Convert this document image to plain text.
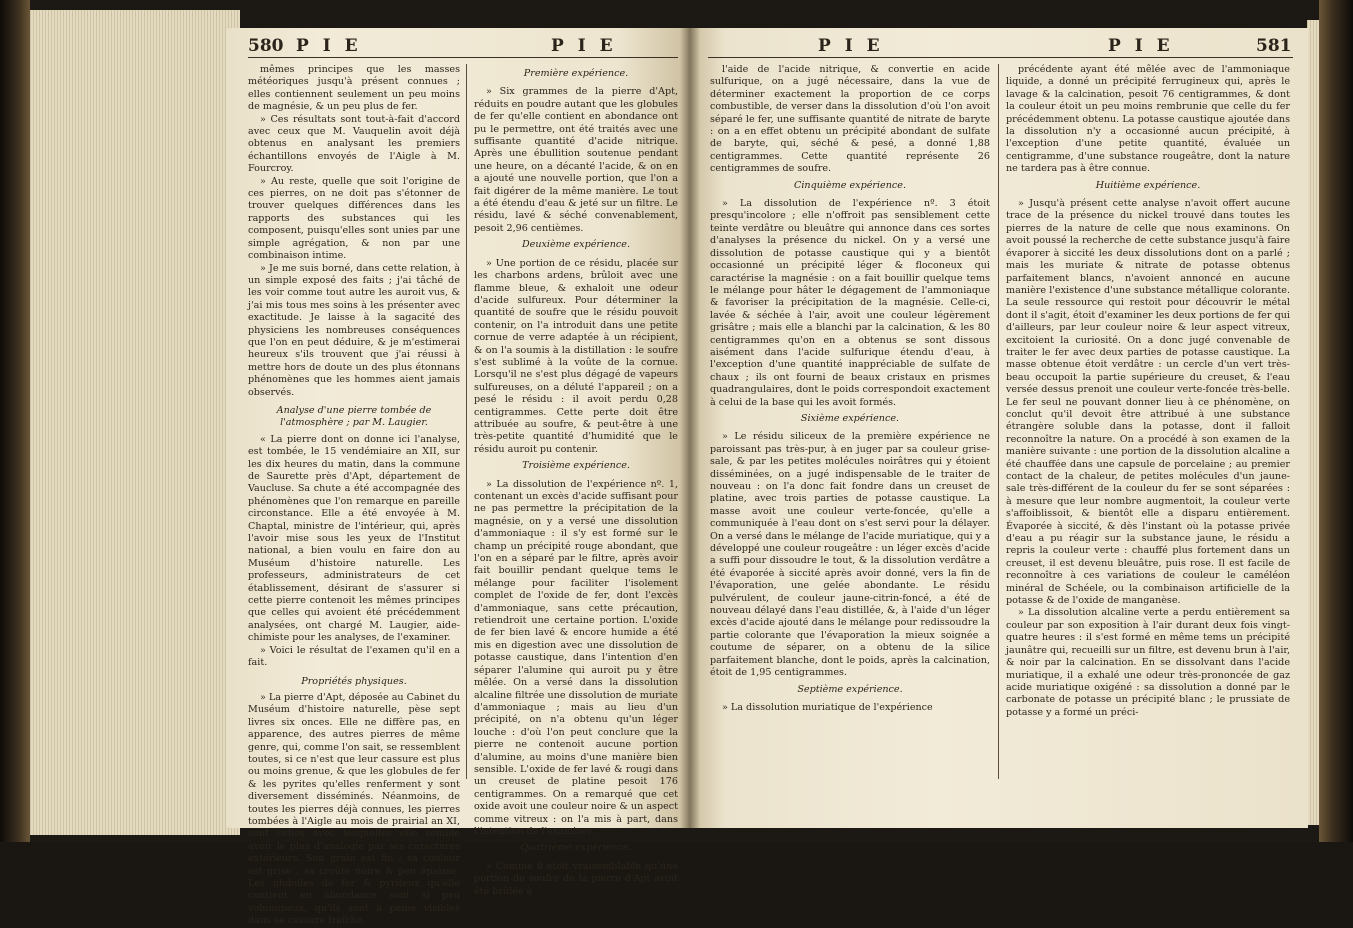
580 P I E	P I E

mêmes principes que les masses météoriques jusqu'à présent connues ; elles contiennent seulement un peu moins de magnésie, & un peu plus de fer.

» Ces résultats sont tout-à-fait d'accord avec ceux que M. Vauquelin avoit déjà obtenus en analysant les premiers échantillons envoyés de l'Aigle à M. Fourcroy.

» Au reste, quelle que soit l'origine de ces pierres, on ne doit pas s'étonner de trouver quelques différences dans les rapports des substances qui les composent, puisqu'elles sont unies par une simple agrégation, & non par une combinaison intime.

» Je me suis borné, dans cette relation, à un simple exposé des faits ; j'ai tâché de les voir comme tout autre les auroit vus, & j'ai mis tous mes soins à les présenter avec exactitude. Je laisse à la sagacité des physiciens les nombreuses conséquences que l'on en peut déduire, & je m'estimerai heureux s'ils trouvent que j'ai réussi à mettre hors de doute un des plus étonnans phénomènes que les hommes aient jamais observés.

Analyse d'une pierre tombée de l'atmosphère ; par M. Laugier.

« La pierre dont on donne ici l'analyse, est tombée, le 15 vendémiaire an XII, sur les dix heures du matin, dans la commune de Saurette près d'Apt, département de Vaucluse. Sa chute a été accompagnée des phénomènes que l'on remarque en pareille circonstance. Elle a été envoyée à M. Chaptal, ministre de l'intérieur, qui, après l'avoir mise sous les yeux de l'Institut national, a bien voulu en faire don au Muséum d'histoire naturelle. Les professeurs, administrateurs de cet établissement, désirant de s'assurer si cette pierre contenoit les mêmes principes que celles qui avoient été précédemment analysées, ont chargé M. Laugier, aide-chimiste pour les analyses, de l'examiner.

» Voici le résultat de l'examen qu'il en a fait.

Propriétés physiques.

» La pierre d'Apt, déposée au Cabinet du Muséum d'histoire naturelle, pèse sept livres six onces. Elle ne diffère pas, en apparence, des autres pierres de même genre, qui, comme l'on sait, se ressemblent toutes, si ce n'est que leur cassure est plus ou moins grenue, & que les globules de fer & les pyrites qu'elles renferment y sont diversement disséminés. Néanmoins, de toutes les pierres déjà connues, les pierres tombées à l'Aigle au mois de prairial an XI, sont celles avec lesquelles elle semble avoir le plus d'analogie par ses caractères extérieurs. Son grain est fin ; sa couleur est grise ; sa croûte noire & peu épaisse. Les globules de fer & pyriteux qu'elle contient en abondance sont si peu volumineux, qu'ils sont à peine visibles dans sa cassure fraîche.

Première expérience.

» Six grammes de la pierre d'Apt, réduits en poudre autant que les globules de fer qu'elle contient en abondance ont pu le permettre, ont été traités avec une suffisante quantité d'acide nitrique. Après une ébullition soutenue pendant une heure, on a décanté l'acide, & on en a ajouté une nouvelle portion, que l'on a fait digérer de la même manière. Le tout a été étendu d'eau & jeté sur un filtre. Le résidu, lavé & séché convenablement, pesoit 2,96 centièmes.

Deuxième expérience.

» Une portion de ce résidu, placée sur les charbons ardens, brûloit avec une flamme bleue, & exhaloit une odeur d'acide sulfureux. Pour déterminer la quantité de soufre que le résidu pouvoit contenir, on l'a introduit dans une petite cornue de verre adaptée à un récipient, & on l'a soumis à la distillation : le soufre s'est sublimé à la voûte de la cornue. Lorsqu'il ne s'est plus dégagé de vapeurs sulfureuses, on a déluté l'appareil ; on a pesé le résidu : il avoit perdu 0,28 centigrammes. Cette perte doit être attribuée au soufre, & peut-être à une très-petite quantité d'humidité que le résidu auroit pu contenir.

Troisième expérience.

» La dissolution de l'expérience nº. 1, contenant un excès d'acide suffisant pour ne pas permettre la précipitation de la magnésie, on y a versé une dissolution d'ammoniaque : il s'y est formé sur le champ un précipité rouge abondant, que l'on en a séparé par le filtre, après avoir fait bouillir pendant quelque tems le mélange pour faciliter l'isolement complet de l'oxide de fer, dont l'excès d'ammoniaque, sans cette précaution, retiendroit une certaine portion. L'oxide de fer bien lavé & encore humide a été mis en digestion avec une dissolution de potasse caustique, dans l'intention d'en séparer l'alumine qui auroit pu y être mêlée. On a versé dans la dissolution alcaline filtrée une dissolution de muriate d'ammoniaque ; mais au lieu d'un précipité, on n'a obtenu qu'un léger louche : d'où l'on peut conclure que la pierre ne contenoit aucune portion d'alumine, au moins d'une manière bien sensible. L'oxide de fer lavé & rougi dans un creuset de platine pesoit 176 centigrammes. On a remarqué que cet oxide avoit une couleur noire & un aspect comme vitreux : on l'a mis à part, dans l'intention de l'examiner.

Quatrième expérience.

» Comme il étoit vraisemblable qu'une portion de soufre de la pierre d'Apt avoit été brûlée à

P I E	P I E	581

l'aide de l'acide nitrique, & convertie en acide sulfurique, on a jugé nécessaire, dans la vue de déterminer exactement la proportion de ce corps combustible, de verser dans la dissolution d'où l'on avoit séparé le fer, une suffisante quantité de nitrate de baryte : on a en effet obtenu un précipité abondant de sulfate de baryte, qui, séché & pesé, a donné 1,88 centigrammes. Cette quantité représente 26 centigrammes de soufre.

Cinquième expérience.

» La dissolution de l'expérience nº. 3 étoit presqu'incolore ; elle n'offroit pas sensiblement cette teinte verdâtre ou bleuâtre qui annonce dans ces sortes d'analyses la présence du nickel. On y a versé une dissolution de potasse caustique qui y a bientôt occasionné un précipité léger & floconeux qui caractérise la magnésie : on a fait bouillir quelque tems le mélange pour hâter le dégagement de l'ammoniaque & favoriser la précipitation de la magnésie. Celle-ci, lavée & séchée à l'air, avoit une couleur légèrement grisâtre ; mais elle a blanchi par la calcination, & les 80 centigrammes qu'on en a obtenus se sont dissous aisément dans l'acide sulfurique étendu d'eau, à l'exception d'une quantité inappréciable de sulfate de chaux ; ils ont fourni de beaux cristaux en prismes quadrangulaires, dont le poids correspondoit exactement à celui de la base qui les avoit formés.

Sixième expérience.

» Le résidu siliceux de la première expérience ne paroissant pas très-pur, à en juger par sa couleur grise-sale, & par les petites molécules noirâtres qui y étoient disséminées, on a jugé indispensable de le traiter de nouveau : on l'a donc fait fondre dans un creuset de platine, avec trois parties de potasse caustique. La masse avoit une couleur verte-foncée, qu'elle a communiquée à l'eau dont on s'est servi pour la délayer. On a versé dans le mélange de l'acide muriatique, qui y a développé une couleur rougeâtre : un léger excès d'acide a suffi pour dissoudre le tout, & la dissolution verdâtre a été évaporée à siccité après avoir donné, vers la fin de l'évaporation, une gelée abondante. Le résidu pulvérulent, de couleur jaune-citrin-foncé, a été de nouveau délayé dans l'eau distillée, &, à l'aide d'un léger excès d'acide ajouté dans le mélange pour redissoudre la partie colorante que l'évaporation la mieux soignée a coutume de séparer, on a obtenu de la silice parfaitement blanche, dont le poids, après la calcination, étoit de 1,95 centigrammes.

Septième expérience.

» La dissolution muriatique de l'expérience

précédente ayant été mêlée avec de l'ammoniaque liquide, a donné un précipité ferrugineux qui, après le lavage & la calcination, pesoit 76 centigrammes, & dont la couleur étoit un peu moins rembrunie que celle du fer précédemment obtenu. La potasse caustique ajoutée dans la dissolution n'y a occasionné aucun précipité, à l'exception d'une petite quantité, évaluée un centigramme, d'une substance rougeâtre, dont la nature ne tardera pas à être connue.

Huitième expérience.

» Jusqu'à présent cette analyse n'avoit offert aucune trace de la présence du nickel trouvé dans toutes les pierres de la nature de celle que nous examinons. On avoit poussé la recherche de cette substance jusqu'à faire évaporer à siccité les deux dissolutions dont on a parlé ; mais les muriate & nitrate de potasse obtenus parfaitement blancs, n'avoient annoncé en aucune manière l'existence d'une substance métallique colorante. La seule ressource qui restoit pour découvrir le métal dont il s'agit, étoit d'examiner les deux portions de fer qui d'ailleurs, par leur couleur noire & leur aspect vitreux, excitoient la curiosité. On a donc jugé convenable de traiter le fer avec deux parties de potasse caustique. La masse obtenue étoit verdâtre : un cercle d'un vert très-beau occupoit la partie supérieure du creuset, & l'eau versée dessus prenoit une couleur verte-foncée très-belle. Le fer seul ne pouvant donner lieu à ce phénomène, on conclut qu'il devoit être attribué à une substance étrangère soluble dans la potasse, dont il falloit reconnoître la nature. On a procédé à son examen de la manière suivante : une portion de la dissolution alcaline a été chauffée dans une capsule de porcelaine ; au premier contact de la chaleur, de petites molécules d'un jaune-sale très-différent de la couleur du fer se sont séparées : à mesure que leur nombre augmentoit, la couleur verte s'affoiblissoit, & bientôt elle a disparu entièrement. Évaporée à siccité, & dès l'instant où la potasse privée d'eau a pu réagir sur la substance jaune, le résidu a repris la couleur verte : chauffé plus fortement dans un creuset, il est devenu bleuâtre, puis rose. Il est facile de reconnoître à ces variations de couleur le caméléon minéral de Schéele, ou la combinaison artificielle de la potasse & de l'oxide de manganèse.

» La dissolution alcaline verte a perdu entièrement sa couleur par son exposition à l'air durant deux fois vingt-quatre heures : il s'est formé en même tems un précipité jaunâtre qui, recueilli sur un filtre, est devenu brun à l'air, & noir par la calcination. En se dissolvant dans l'acide muriatique, il a exhalé une odeur très-prononcée de gaz acide muriatique oxigéné : sa dissolution a donné par le carbonate de potasse un précipité blanc ; le prussiate de potasse y a formé un préci-
